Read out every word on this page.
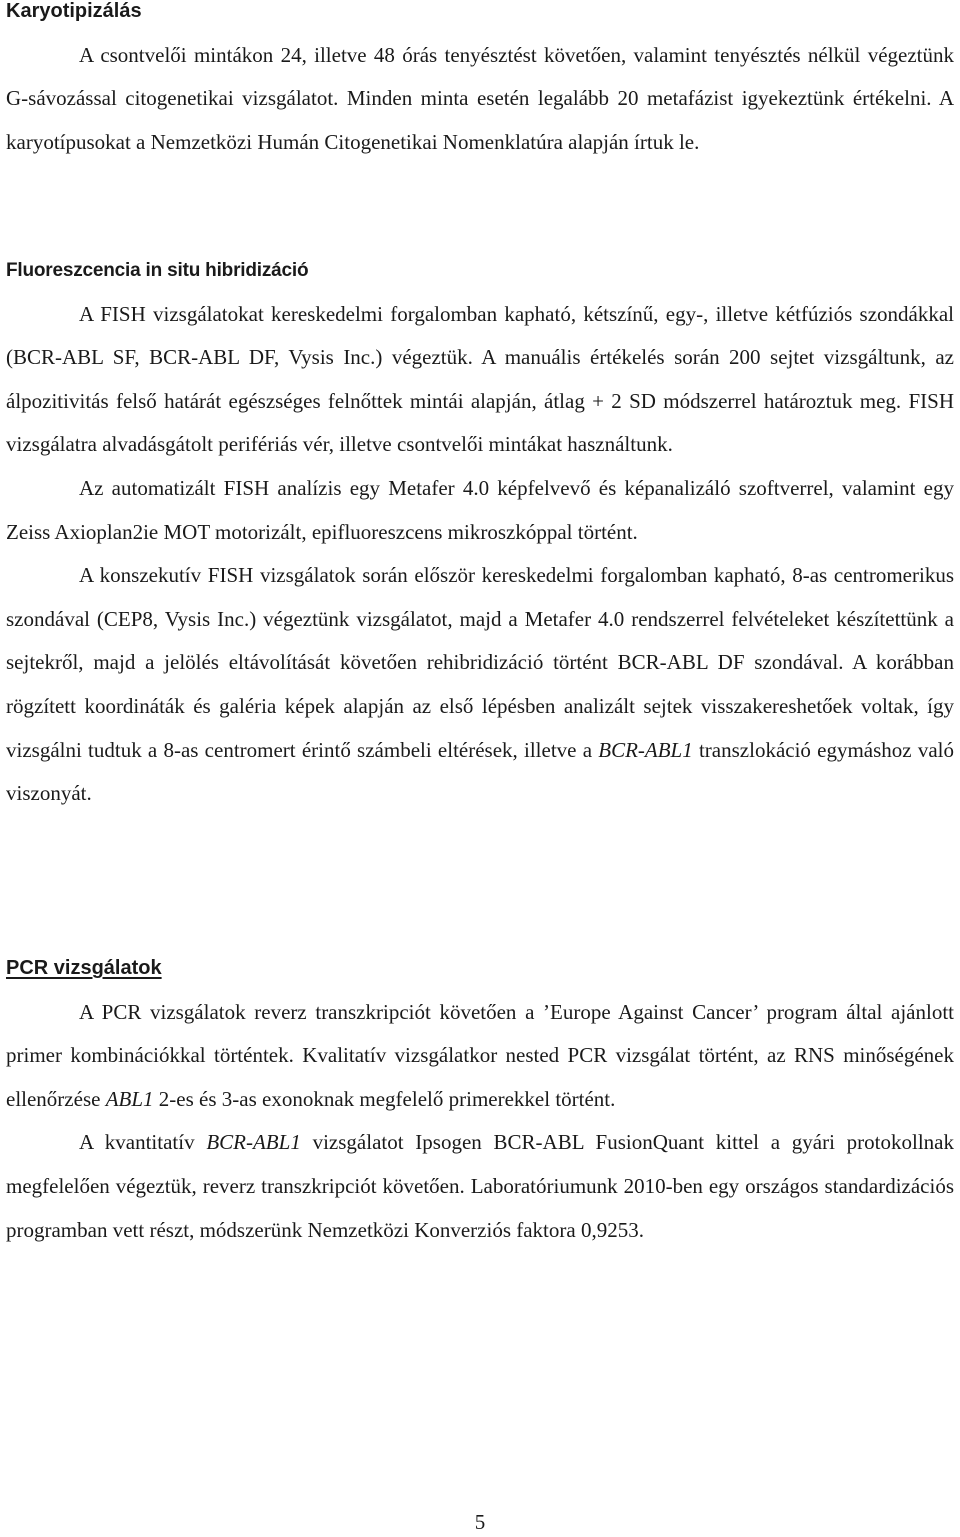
Karyotipizálás

A csontvelői mintákon 24, illetve 48 órás tenyésztést követően, valamint tenyésztés nélkül végeztünk G-sávozással citogenetikai vizsgálatot. Minden minta esetén legalább 20 metafázist igyekeztünk értékelni. A karyotípusokat a Nemzetközi Humán Citogenetikai Nomenklatúra alapján írtuk le.

Fluoreszcencia in situ hibridizáció

A FISH vizsgálatokat kereskedelmi forgalomban kapható, kétszínű, egy-, illetve kétfúziós szondákkal (BCR-ABL SF, BCR-ABL DF, Vysis Inc.) végeztük. A manuális értékelés során 200 sejtet vizsgáltunk, az álpozitivitás felső határát egészséges felnőttek mintái alapján, átlag + 2 SD módszerrel határoztuk meg. FISH vizsgálatra alvadásgátolt perifériás vér, illetve csontvelői mintákat használtunk.

Az automatizált FISH analízis egy Metafer 4.0 képfelvevő és képanalizáló szoftverrel, valamint egy Zeiss Axioplan2ie MOT motorizált, epifluoreszcens mikroszkóppal történt.

A konszekutív FISH vizsgálatok során először kereskedelmi forgalomban kapható, 8-as centromerikus szondával (CEP8, Vysis Inc.) végeztünk vizsgálatot, majd a Metafer 4.0 rendszerrel felvételeket készítettünk a sejtekről, majd a jelölés eltávolítását követően rehibridizáció történt BCR-ABL DF szondával. A korábban rögzített koordináták és galéria képek alapján az első lépésben analizált sejtek visszakereshetőek voltak, így vizsgálni tudtuk a 8-as centromert érintő számbeli eltérések, illetve a BCR-ABL1 transzlokáció egymáshoz való viszonyát.

PCR vizsgálatok

A PCR vizsgálatok reverz transzkripciót követően a ’Europe Against Cancer’ program által ajánlott primer kombinációkkal történtek. Kvalitatív vizsgálatkor nested PCR vizsgálat történt, az RNS minőségének ellenőrzése ABL1 2-es és 3-as exonoknak megfelelő primerekkel történt.

A kvantitatív BCR-ABL1 vizsgálatot Ipsogen BCR-ABL FusionQuant kittel a gyári protokollnak megfelelően végeztük, reverz transzkripciót követően. Laboratóriumunk 2010-ben egy országos standardizációs programban vett részt, módszerünk Nemzetközi Konverziós faktora 0,9253.

5
